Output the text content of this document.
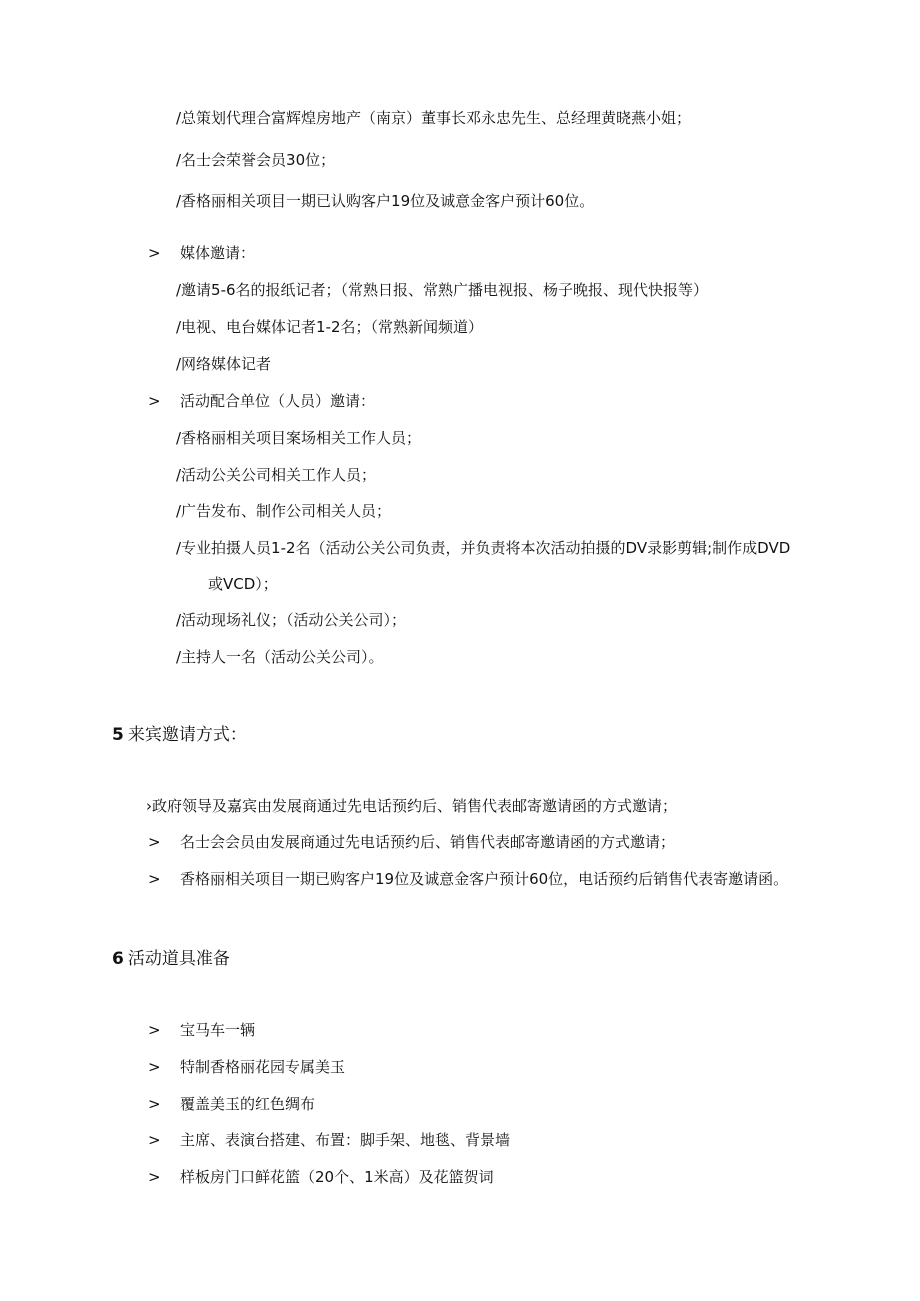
/总策划代理合富辉煌房地产（南京）董事长邓永忠先生、总经理黄晓燕小姐；
/名士会荣誉会员30位；
/香格丽相关项目一期已认购客户19位及诚意金客户预计60位。
> 媒体邀请：
/邀请5-6名的报纸记者；（常熟日报、常熟广播电视报、杨子晚报、现代快报等）
/电视、电台媒体记者1-2名；（常熟新闻频道）
/网络媒体记者
> 活动配合单位（人员）邀请：
/香格丽相关项目案场相关工作人员；
/活动公关公司相关工作人员；
/广告发布、制作公司相关人员；
/专业拍摄人员1-2名（活动公关公司负责，并负责将本次活动拍摄的DV录影剪辑;制作成DVD
或VCD）；
/活动现场礼仪；（活动公关公司）；
/主持人一名（活动公关公司）。
5 来宾邀请方式：
›政府领导及嘉宾由发展商通过先电话预约后、销售代表邮寄邀请函的方式邀请；
> 名士会会员由发展商通过先电话预约后、销售代表邮寄邀请函的方式邀请；
> 香格丽相关项目一期已购客户19位及诚意金客户预计60位，电话预约后销售代表寄邀请函。
6 活动道具准备
> 宝马车一辆
> 特制香格丽花园专属美玉
> 覆盖美玉的红色绸布
> 主席、表演台搭建、布置：脚手架、地毯、背景墙
> 样板房门口鲜花篮（20个、1米高）及花篮贺词
